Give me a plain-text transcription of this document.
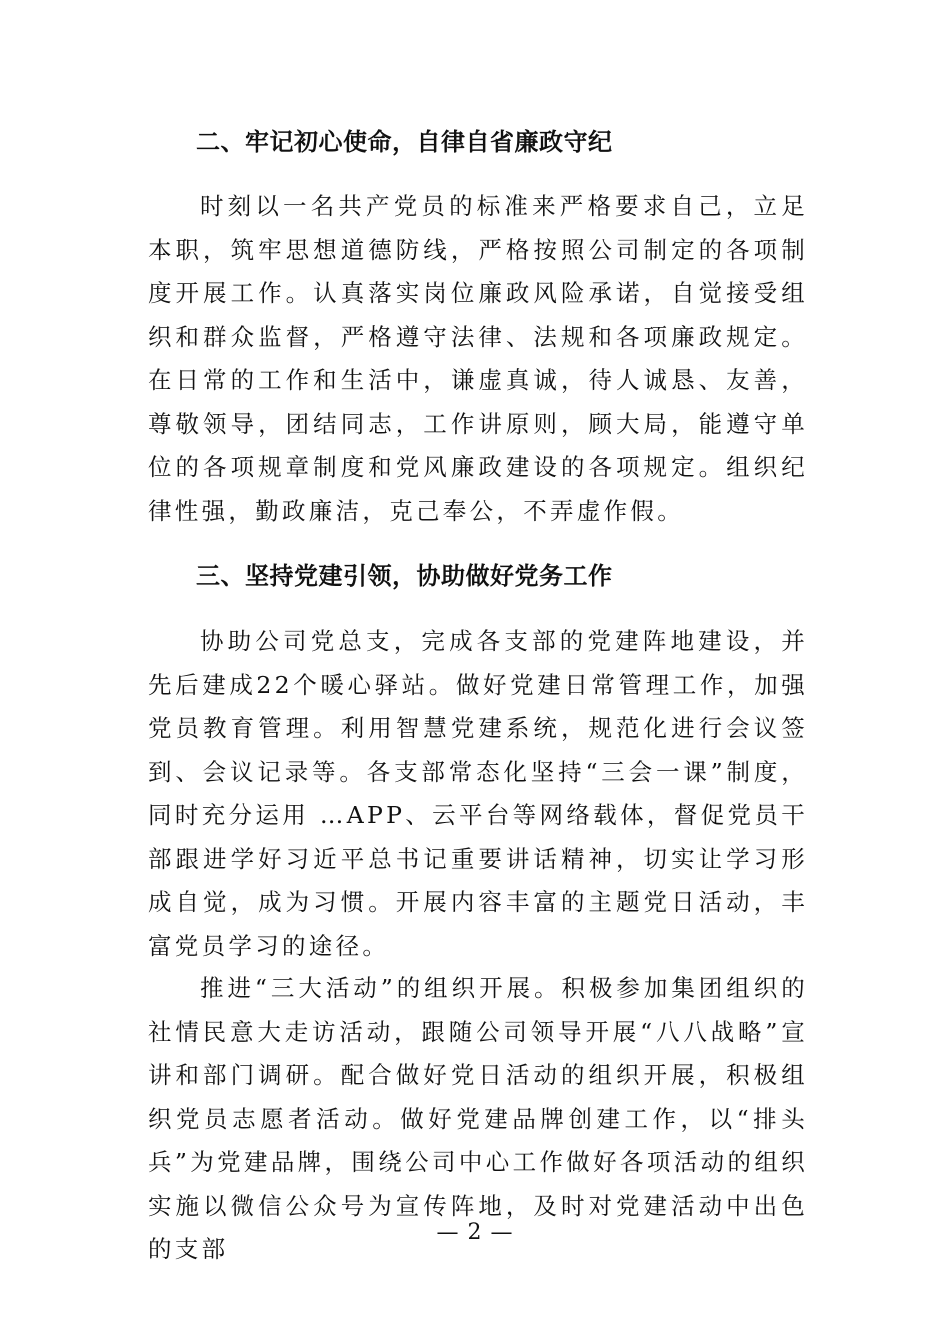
二、牢记初心使命，自律自省廉政守纪

时刻以一名共产党员的标准来严格要求自己，立足本职，筑牢思想道德防线，严格按照公司制定的各项制度开展工作。认真落实岗位廉政风险承诺，自觉接受组织和群众监督，严格遵守法律、法规和各项廉政规定。在日常的工作和生活中，谦虚真诚，待人诚恳、友善，尊敬领导，团结同志，工作讲原则，顾大局，能遵守单位的各项规章制度和党风廉政建设的各项规定。组织纪律性强，勤政廉洁，克己奉公，不弄虚作假。

三、坚持党建引领，协助做好党务工作

协助公司党总支，完成各支部的党建阵地建设，并先后建成22个暖心驿站。做好党建日常管理工作，加强党员教育管理。利用智慧党建系统，规范化进行会议签到、会议记录等。各支部常态化坚持“三会一课”制度，同时充分运用 …APP、云平台等网络载体，督促党员干部跟进学好习近平总书记重要讲话精神，切实让学习形成自觉，成为习惯。开展内容丰富的主题党日活动，丰富党员学习的途径。

推进“三大活动”的组织开展。积极参加集团组织的社情民意大走访活动，跟随公司领导开展“八八战略”宣讲和部门调研。配合做好党日活动的组织开展，积极组织党员志愿者活动。做好党建品牌创建工作，以“排头兵”为党建品牌，围绕公司中心工作做好各项活动的组织实施以微信公众号为宣传阵地，及时对党建活动中出色的支部

— 2 —
